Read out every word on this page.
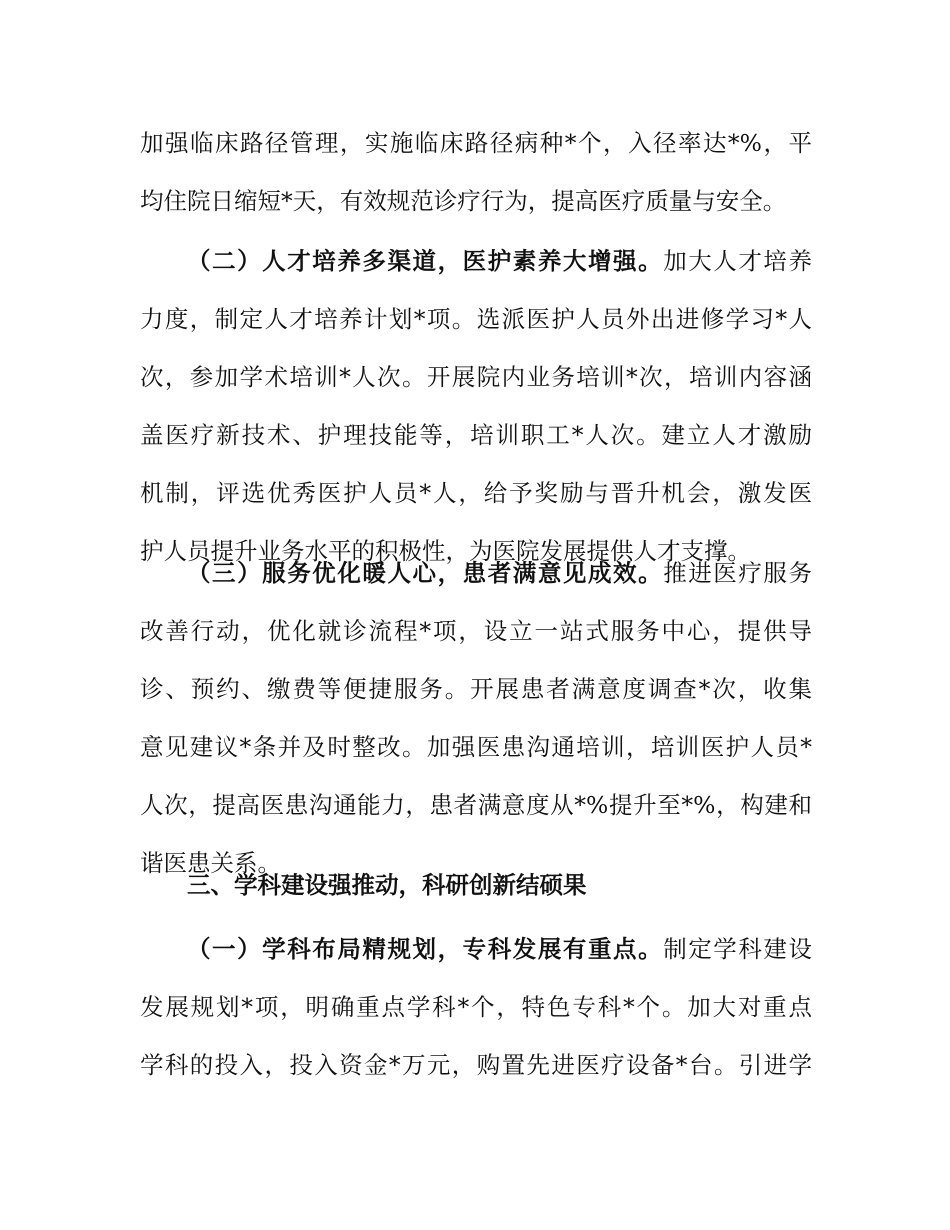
加强临床路径管理，实施临床路径病种*个，入径率达*%，平
均住院日缩短*天，有效规范诊疗行为，提高医疗质量与安全。
（二）人才培养多渠道，医护素养大增强。加大人才培养
力度，制定人才培养计划*项。选派医护人员外出进修学习*人
次，参加学术培训*人次。开展院内业务培训*次，培训内容涵
盖医疗新技术、护理技能等，培训职工*人次。建立人才激励
机制，评选优秀医护人员*人，给予奖励与晋升机会，激发医
护人员提升业务水平的积极性，为医院发展提供人才支撑。
（三）服务优化暖人心，患者满意见成效。推进医疗服务
改善行动，优化就诊流程*项，设立一站式服务中心，提供导
诊、预约、缴费等便捷服务。开展患者满意度调查*次，收集
意见建议*条并及时整改。加强医患沟通培训，培训医护人员*
人次，提高医患沟通能力，患者满意度从*%提升至*%，构建和
谐医患关系。
三、学科建设强推动，科研创新结硕果
（一）学科布局精规划，专科发展有重点。制定学科建设
发展规划*项，明确重点学科*个，特色专科*个。加大对重点
学科的投入，投入资金*万元，购置先进医疗设备*台。引进学
